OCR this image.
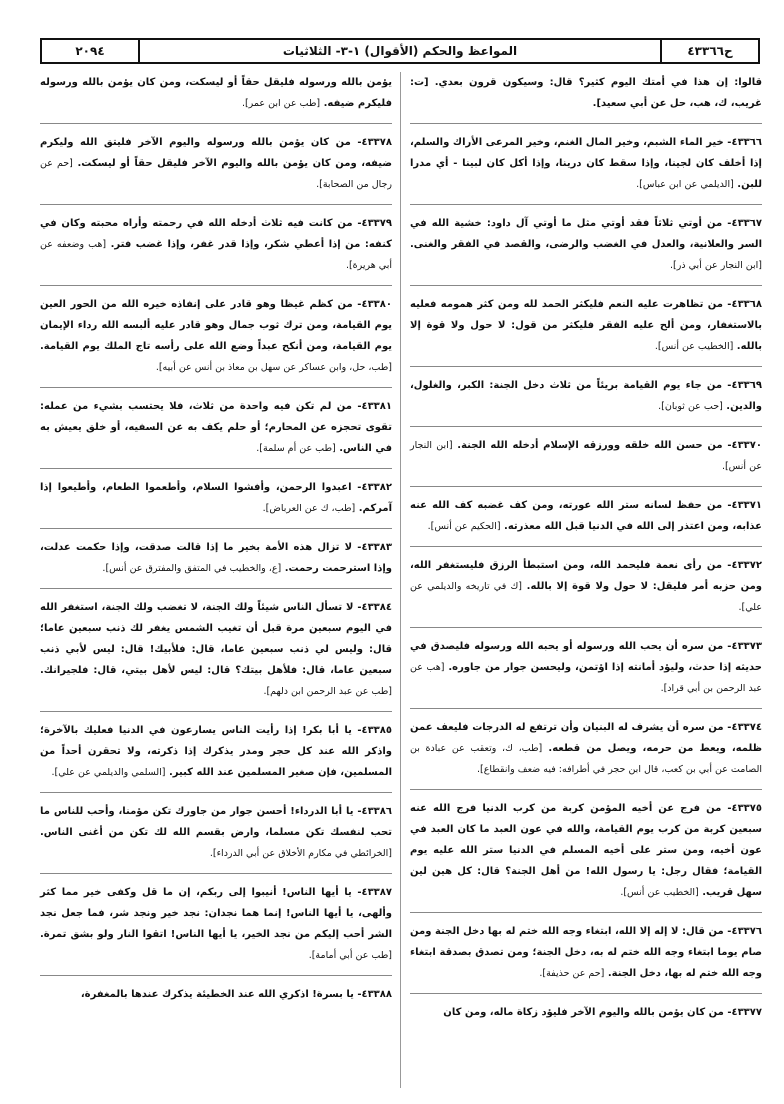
ح٤٣٣٦٦
المواعظ والحكم (الأقوال) ١-٣- الثلاثيات
٢٠٩٤
قالوا: إن هذا في أمتك اليوم كثير؟ قال: وسيكون قرون بعدي. [ت: غريب، ك، هب، حل عن أبي سعيد].
٤٣٣٦٦- خير الماء الشبم، وخير المال الغنم، وخير المرعى الأراك والسلم، إذا أخلف كان لجينا، وإذا سقط كان درينا، وإذا أكل كان لبينا - أي مدرا للبن. [الديلمي عن ابن عباس].
٤٣٣٦٧- من أوتي ثلاثاً فقد أوتي مثل ما أوتي آل داود: خشية الله في السر والعلانية، والعدل في الغضب والرضى، والقصد في الفقر والغنى. [ابن النجار عن أبي ذر].
٤٣٣٦٨- من تظاهرت عليه النعم فليكثر الحمد لله ومن كثر همومه فعليه بالاستغفار، ومن ألح عليه الفقر فليكثر من قول: لا حول ولا قوة إلا بالله. [الخطيب عن أنس].
٤٣٣٦٩- من جاء يوم القيامة بريئاً من ثلاث دخل الجنة: الكبر، والغلول، والدين. [حب عن ثوبان].
٤٣٣٧٠- من حسن الله خلقه وورزقه الإسلام أدخله الله الجنة. [ابن النجار عن أنس].
٤٣٣٧١- من حفظ لسانه ستر الله عورته، ومن كف غضبه كف الله عنه عذابه، ومن اعتذر إلى الله في الدنيا قبل الله معذرته. [الحكيم عن أنس].
٤٣٣٧٢- من رأى نعمة فليحمد الله، ومن استبطأ الرزق فليستغفر الله، ومن حزبه أمر فليقل: لا حول ولا قوة إلا بالله. [ك في تاريخه والديلمي عن علي].
٤٣٣٧٣- من سره أن يحب الله ورسوله أو يحبه الله ورسوله فليصدق في حديثه إذا حدث، وليؤد أمانته إذا اؤتمن، وليحسن جوار من جاوره. [هب عن عبد الرحمن بن أبي قراد].
٤٣٣٧٤- من سره أن يشرف له البنيان وأن ترتفع له الدرجات فليعف عمن ظلمه، ويعط من حرمه، ويصل من قطعه. [طب، ك، وتعقب عن عبادة بن الصامت عن أبي بن كعب، قال ابن حجر في أطرافه: فيه ضعف وانقطاع].
٤٣٣٧٥- من فرج عن أخيه المؤمن كربة من كرب الدنيا فرج الله عنه سبعين كربة من كرب يوم القيامة، والله في عون العبد ما كان العبد في عون أخيه، ومن ستر على أخيه المسلم في الدنيا ستر الله عليه يوم القيامة؛ فقال رجل: يا رسول الله! من أهل الجنة؟ قال: كل هين لين سهل قريب. [الخطيب عن أنس].
٤٣٣٧٦- من قال: لا إله إلا الله، ابتغاء وجه الله ختم له بها دخل الجنة ومن صام يوما ابتغاء وجه الله ختم له به، دخل الجنة؛ ومن تصدق بصدقة ابتغاء وجه الله ختم له بها، دخل الجنة. [حم عن حذيفة].
٤٣٣٧٧- من كان يؤمن بالله واليوم الآخر فليؤد زكاة ماله، ومن كان
يؤمن بالله ورسوله فليقل حقاً أو ليسكت، ومن كان يؤمن بالله ورسوله فليكرم ضيفه. [طب عن ابن عمر].
٤٣٣٧٨- من كان يؤمن بالله ورسوله واليوم الآخر فليتق الله وليكرم ضيفه، ومن كان يؤمن بالله واليوم الآخر فليقل حقاً أو ليسكت. [حم عن رجال من الصحابة].
٤٣٣٧٩- من كانت فيه ثلاث أدخله الله في رحمته وأراه محبته وكان في كنفه: من إذا أعطي شكر، وإذا قدر غفر، وإذا غضب فتر. [هب وضعفه عن أبي هريرة].
٤٣٣٨٠- من كظم غيظا وهو قادر على إنفاذه خيره الله من الحور العين يوم القيامة، ومن ترك ثوب جمال وهو قادر عليه ألبسه الله رداء الإيمان يوم القيامة، ومن أنكح عبداً وضع الله على رأسه تاج الملك يوم القيامة. [طب، حل، وابن عساكر عن سهل بن معاذ بن أنس عن أبيه].
٤٣٣٨١- من لم تكن فيه واحدة من ثلاث، فلا يحتسب بشيء من عمله: تقوى تحجزه عن المحارم؛ أو حلم يكف به عن السفيه، أو خلق يعيش به في الناس. [طب عن أم سلمة].
٤٣٣٨٢- اعبدوا الرحمن، وأفشوا السلام، وأطعموا الطعام، وأطيعوا إذا آمركم. [طب، ك عن العرباض].
٤٣٣٨٣- لا تزال هذه الأمة بخير ما إذا قالت صدقت، وإذا حكمت عدلت، وإذا استرحمت رحمت. [ع، والخطيب في المتفق والمفترق عن أنس].
٤٣٣٨٤- لا تسأل الناس شيئاً ولك الجنة، لا تغضب ولك الجنة، استغفر الله في اليوم سبعين مرة قبل أن تغيب الشمس يغفر لك ذنب سبعين عاما؛ قال: وليس لي ذنب سبعين عاما، قال: فلأبيك! قال: ليس لأبي ذنب سبعين عاما، قال: فلأهل بيتك؟ قال: ليس لأهل بيتي، قال: فلجيرانك. [طب عن عبد الرحمن ابن دلهم].
٤٣٣٨٥- يا أبا بكر! إذا رأيت الناس يسارعون في الدنيا فعليك بالآخرة؛ واذكر الله عند كل حجر ومدر يذكرك إذا ذكرته، ولا تحقرن أحداً من المسلمين، فإن صغير المسلمين عند الله كبير. [السلمي والديلمي عن علي].
٤٣٣٨٦- يا أبا الدرداء! أحسن جوار من جاورك تكن مؤمنا، وأحب للناس ما تحب لنفسك تكن مسلما، وارض بقسم الله لك تكن من أغنى الناس. [الخرائطي في مكارم الأخلاق عن أبي الدرداء].
٤٣٣٨٧- يا أيها الناس! أنيبوا إلى ربكم، إن ما قل وكفى خير مما كثر وألهى، يا أيها الناس! إنما هما نجدان: نجد خير ونجد شر، فما جعل نجد الشر أحب إليكم من نجد الخير، يا أيها الناس! اتقوا النار ولو بشق تمرة. [طب عن أبي أمامة].
٤٣٣٨٨- يا بسرة! اذكري الله عند الخطيئة يذكرك عندها بالمغفرة،
